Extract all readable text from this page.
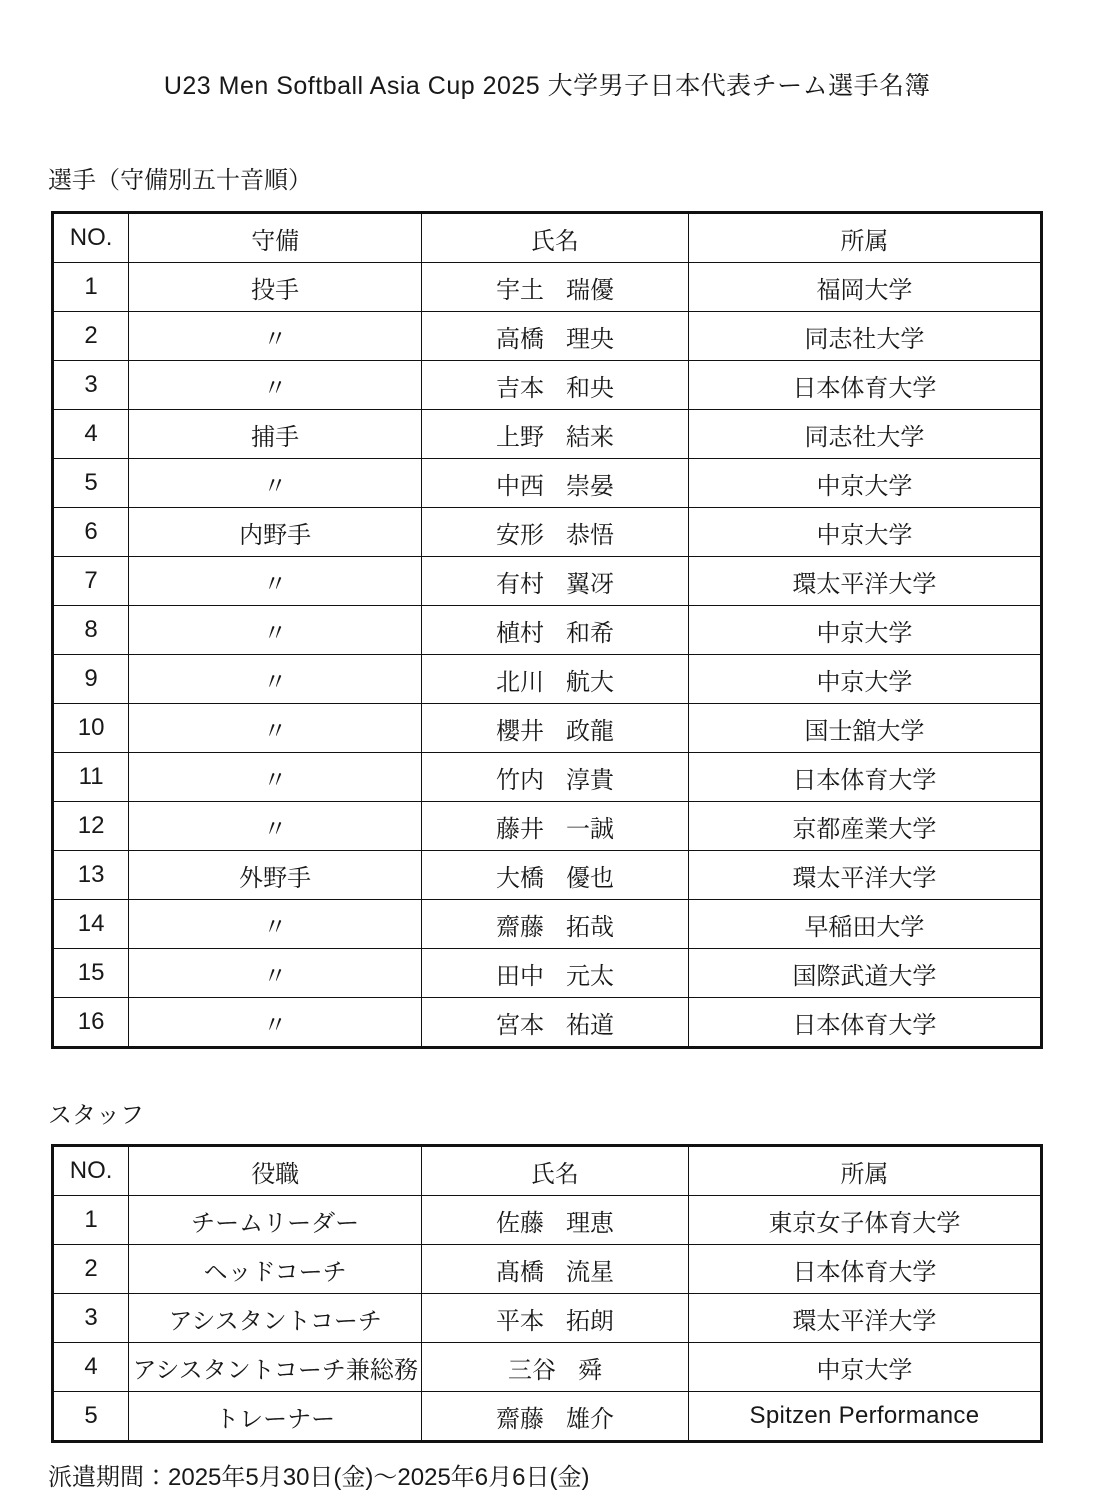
U23 Men Softball Asia Cup 2025 大学男子日本代表チーム選手名簿

選手（守備別五十音順）

NO.	守備	氏名	所属
1	投手	宇土 瑞優	福岡大学
2	〃	高橋 理央	同志社大学
3	〃	吉本 和央	日本体育大学
4	捕手	上野 結来	同志社大学
5	〃	中西 崇晏	中京大学
6	内野手	安形 恭悟	中京大学
7	〃	有村 翼冴	環太平洋大学
8	〃	植村 和希	中京大学
9	〃	北川 航大	中京大学
10	〃	櫻井 政龍	国士舘大学
11	〃	竹内 淳貴	日本体育大学
12	〃	藤井 一誠	京都産業大学
13	外野手	大橋 優也	環太平洋大学
14	〃	齋藤 拓哉	早稲田大学
15	〃	田中 元太	国際武道大学
16	〃	宮本 祐道	日本体育大学

スタッフ

NO.	役職	氏名	所属
1	チームリーダー	佐藤 理恵	東京女子体育大学
2	ヘッドコーチ	髙橋 流星	日本体育大学
3	アシスタントコーチ	平本 拓朗	環太平洋大学
4	アシスタントコーチ兼総務	三谷 舜	中京大学
5	トレーナー	齋藤 雄介	Spitzen Performance

派遣期間：2025年5月30日(金)〜2025年6月6日(金)
